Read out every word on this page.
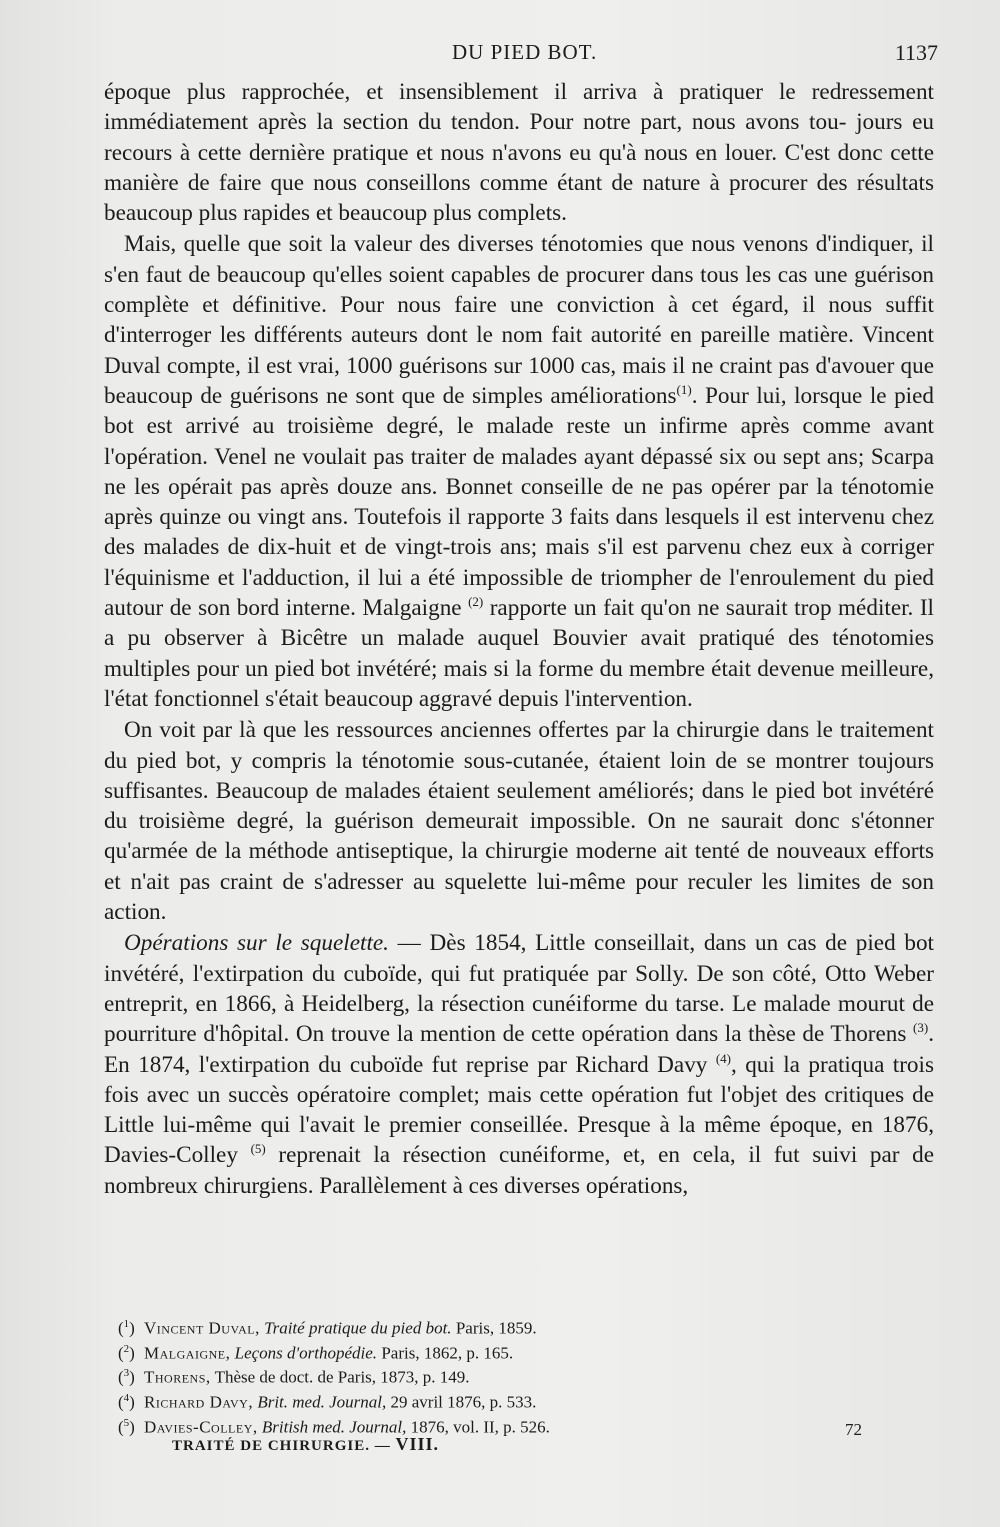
DU PIED BOT.	1137

époque plus rapprochée, et insensiblement il arriva à pratiquer le redressement immédiatement après la section du tendon. Pour notre part, nous avons tou- jours eu recours à cette dernière pratique et nous n'avons eu qu'à nous en louer. C'est donc cette manière de faire que nous conseillons comme étant de nature à procurer des résultats beaucoup plus rapides et beaucoup plus complets.

Mais, quelle que soit la valeur des diverses ténotomies que nous venons d'indiquer, il s'en faut de beaucoup qu'elles soient capables de procurer dans tous les cas une guérison complète et définitive. Pour nous faire une conviction à cet égard, il nous suffit d'interroger les différents auteurs dont le nom fait autorité en pareille matière. Vincent Duval compte, il est vrai, 1000 guérisons sur 1000 cas, mais il ne craint pas d'avouer que beaucoup de guérisons ne sont que de simples améliorations$^{(1)}$. Pour lui, lorsque le pied bot est arrivé au troisième degré, le malade reste un infirme après comme avant l'opération. Venel ne voulait pas traiter de malades ayant dépassé six ou sept ans; Scarpa ne les opérait pas après douze ans. Bonnet conseille de ne pas opérer par la ténotomie après quinze ou vingt ans. Toutefois il rapporte 3 faits dans lesquels il est intervenu chez des malades de dix-huit et de vingt-trois ans; mais s'il est parvenu chez eux à corriger l'équinisme et l'adduction, il lui a été impossible de triompher de l'enroulement du pied autour de son bord interne. Malgaigne $^{(2)}$ rapporte un fait qu'on ne saurait trop méditer. Il a pu observer à Bicêtre un malade auquel Bouvier avait pratiqué des ténotomies multiples pour un pied bot invétéré; mais si la forme du membre était devenue meilleure, l'état fonctionnel s'était beaucoup aggravé depuis l'intervention.

On voit par là que les ressources anciennes offertes par la chirurgie dans le traitement du pied bot, y compris la ténotomie sous-cutanée, étaient loin de se montrer toujours suffisantes. Beaucoup de malades étaient seulement améliorés; dans le pied bot invétéré du troisième degré, la guérison demeurait impossible. On ne saurait donc s'étonner qu'armée de la méthode antiseptique, la chirurgie moderne ait tenté de nouveaux efforts et n'ait pas craint de s'adresser au squelette lui-même pour reculer les limites de son action.

Opérations sur le squelette. — Dès 1854, Little conseillait, dans un cas de pied bot invétéré, l'extirpation du cuboïde, qui fut pratiquée par Solly. De son côté, Otto Weber entreprit, en 1866, à Heidelberg, la résection cunéiforme du tarse. Le malade mourut de pourriture d'hôpital. On trouve la mention de cette opération dans la thèse de Thorens $^{(3)}$. En 1874, l'extirpation du cuboïde fut reprise par Richard Davy $^{(4)}$, qui la pratiqua trois fois avec un succès opératoire complet; mais cette opération fut l'objet des critiques de Little lui-même qui l'avait le premier conseillée. Presque à la même époque, en 1876, Davies-Colley $^{(5)}$ reprenait la résection cunéiforme, et, en cela, il fut suivi par de nombreux chirurgiens. Parallèlement à ces diverses opérations,

($^1$) Vincent Duval, Traité pratique du pied bot. Paris, 1859.
($^2$) Malgaigne, Leçons d'orthopédie. Paris, 1862, p. 165.
($^3$) Thorens, Thèse de doct. de Paris, 1873, p. 149.
($^4$) Richard Davy, Brit. med. Journal, 29 avril 1876, p. 533.
($^5$) Davies-Colley, British med. Journal, 1876, vol. II, p. 526.
TRAITÉ DE CHIRURGIE. — VIII.
72
